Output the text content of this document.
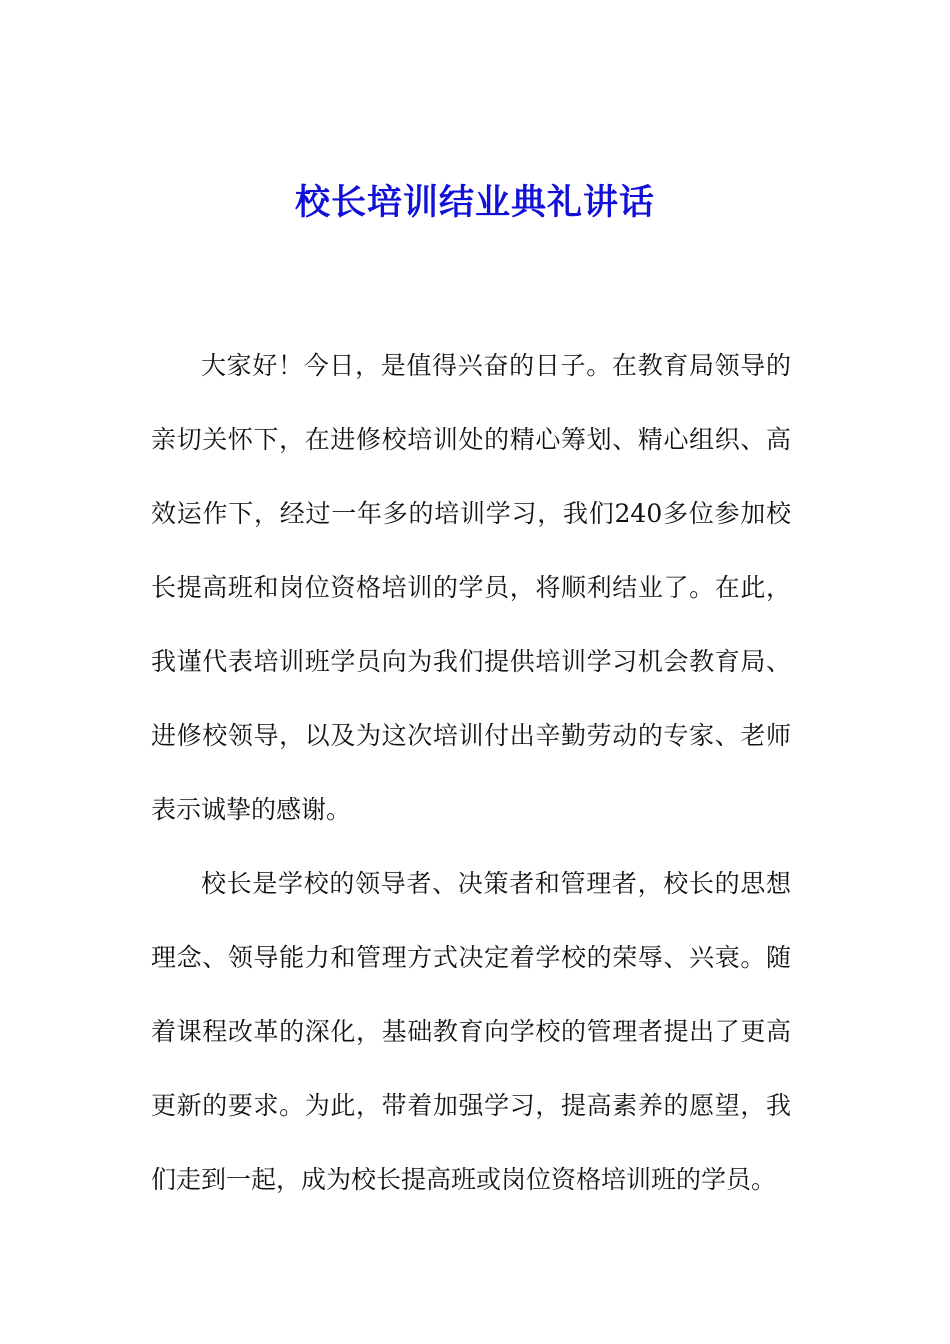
校长培训结业典礼讲话

大家好！今日，是值得兴奋的日子。在教育局领导的亲切关怀下，在进修校培训处的精心筹划、精心组织、高效运作下，经过一年多的培训学习，我们240多位参加校长提高班和岗位资格培训的学员，将顺利结业了。在此，我谨代表培训班学员向为我们提供培训学习机会教育局、进修校领导，以及为这次培训付出辛勤劳动的专家、老师表示诚挚的感谢。

校长是学校的领导者、决策者和管理者，校长的思想理念、领导能力和管理方式决定着学校的荣辱、兴衰。随着课程改革的深化，基础教育向学校的管理者提出了更高更新的要求。为此，带着加强学习，提高素养的愿望，我们走到一起，成为校长提高班或岗位资格培训班的学员。
